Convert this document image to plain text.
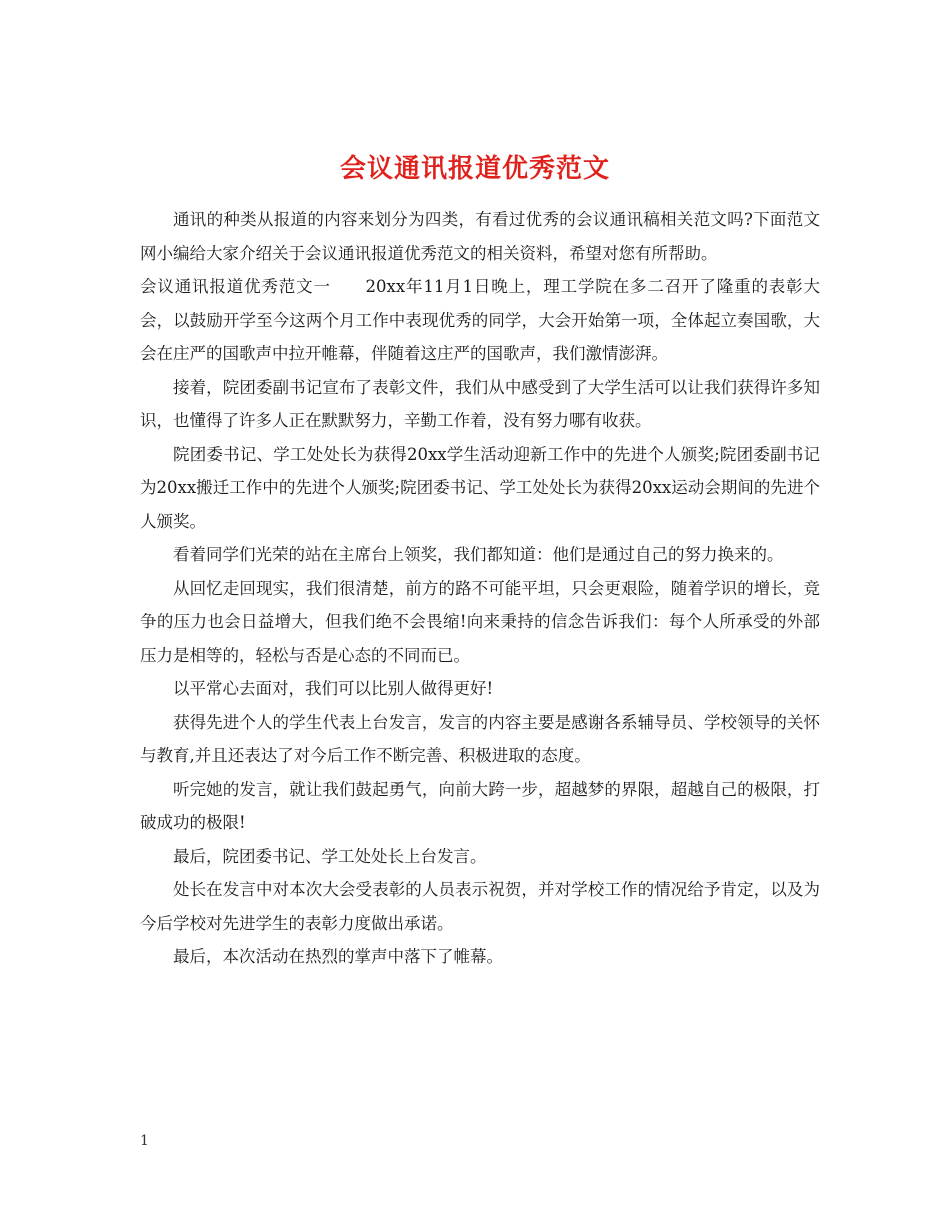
会议通讯报道优秀范文

通讯的种类从报道的内容来划分为四类，有看过优秀的会议通讯稿相关范文吗?下面范文网小编给大家介绍关于会议通讯报道优秀范文的相关资料，希望对您有所帮助。

会议通讯报道优秀范文一　　20xx年11月1日晚上，理工学院在多二召开了隆重的表彰大会，以鼓励开学至今这两个月工作中表现优秀的同学，大会开始第一项，全体起立奏国歌，大会在庄严的国歌声中拉开帷幕，伴随着这庄严的国歌声，我们激情澎湃。

接着，院团委副书记宣布了表彰文件，我们从中感受到了大学生活可以让我们获得许多知识，也懂得了许多人正在默默努力，辛勤工作着，没有努力哪有收获。

院团委书记、学工处处长为获得20xx学生活动迎新工作中的先进个人颁奖;院团委副书记为20xx搬迁工作中的先进个人颁奖;院团委书记、学工处处长为获得20xx运动会期间的先进个人颁奖。

看着同学们光荣的站在主席台上领奖，我们都知道：他们是通过自己的努力换来的。

从回忆走回现实，我们很清楚，前方的路不可能平坦，只会更艰险，随着学识的增长，竞争的压力也会日益增大，但我们绝不会畏缩!向来秉持的信念告诉我们：每个人所承受的外部压力是相等的，轻松与否是心态的不同而已。

以平常心去面对，我们可以比别人做得更好!

获得先进个人的学生代表上台发言，发言的内容主要是感谢各系辅导员、学校领导的关怀与教育,并且还表达了对今后工作不断完善、积极进取的态度。

听完她的发言，就让我们鼓起勇气，向前大跨一步，超越梦的界限，超越自己的极限，打破成功的极限!

最后，院团委书记、学工处处长上台发言。

处长在发言中对本次大会受表彰的人员表示祝贺，并对学校工作的情况给予肯定，以及为今后学校对先进学生的表彰力度做出承诺。

最后，本次活动在热烈的掌声中落下了帷幕。

1
